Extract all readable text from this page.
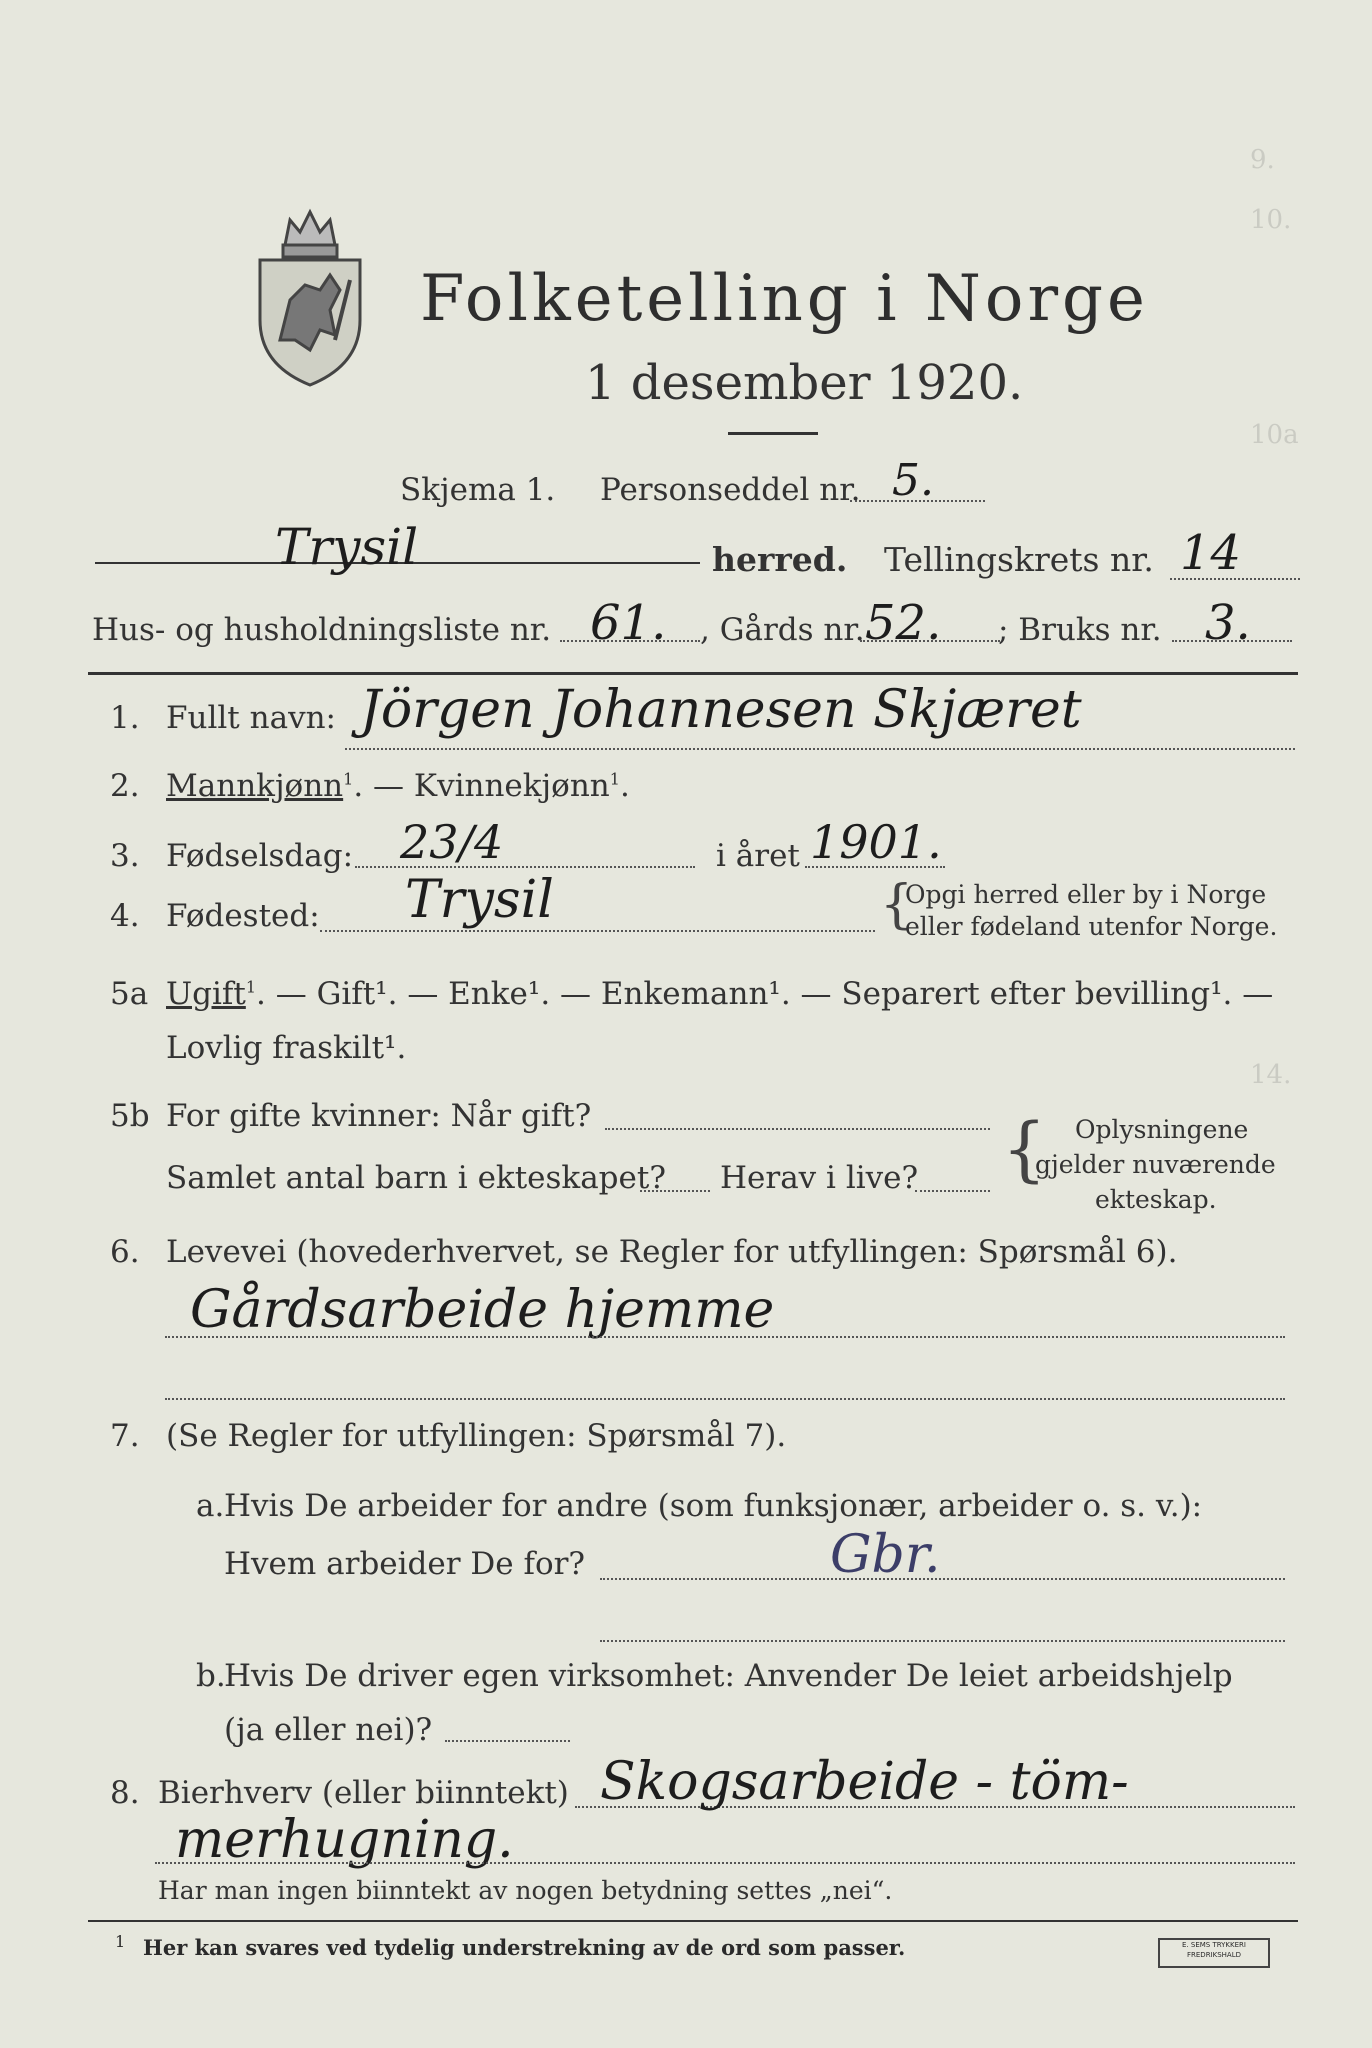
9.
10.
10a
14.
Folketelling i Norge
1 desember 1920.
Skjema 1. Personseddel nr. 5.
Trysil	herred. Tellingskrets nr. 14
Hus- og husholdningsliste nr. 61. , Gårds nr. 52. ; Bruks nr. 3.
1. Fullt navn: Jörgen Johannesen Skjæret
2. Mannkjønn$^1$. — Kvinnekjønn$^1$.
3. Fødselsdag: 23/4	i året 1901.
4. Fødested: Trysil	{
Opgi herred eller by i Norge
eller fødeland utenfor Norge.
5a Ugift$^1$. — Gift¹. — Enke¹. — Enkemann¹. — Separert efter bevilling¹. —
Lovlig fraskilt¹.
5b For gifte kvinner: Når gift?
Samlet antal barn i ekteskapet? Herav i live? { Oplysningene
gjelder nuværende
ekteskap.
6. Levevei (hovederhvervet, se Regler for utfyllingen: Spørsmål 6).
Gårdsarbeide hjemme
7. (Se Regler for utfyllingen: Spørsmål 7).
a. Hvis De arbeider for andre (som funksjonær, arbeider o. s. v.):
Hvem arbeider De for?	Gbr.
b.
Hvis De driver egen virksomhet: Anvender De leiet arbeidshjelp
(ja eller nei)?
8. Bierhverv (eller biinntekt) Skogsarbeide - töm-
merhugning.
Har man ingen biinntekt av nogen betydning settes „nei“.
1 Her kan svares ved tydelig understrekning av de ord som passer.	E. SEMS TRYKKERI
FREDRIKSHALD
